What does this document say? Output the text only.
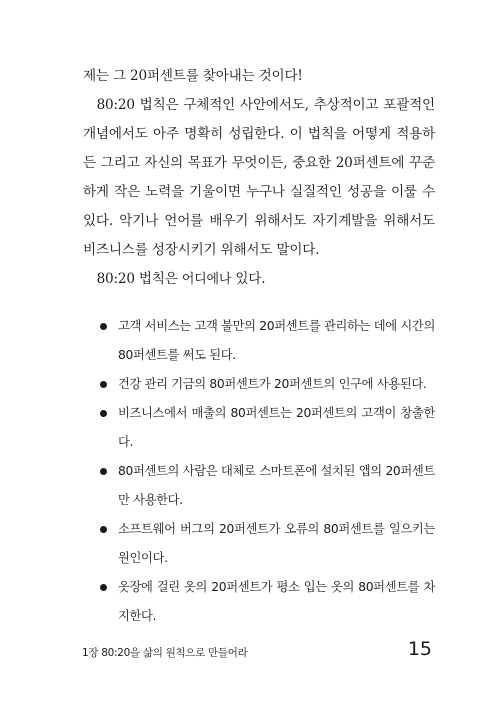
제는 그 20퍼센트를 찾아내는 것이다!

80:20 법칙은 구체적인 사안에서도, 추상적이고 포괄적인 개념에서도 아주 명확히 성립한다. 이 법칙을 어떻게 적용하든 그리고 자신의 목표가 무엇이든, 중요한 20퍼센트에 꾸준하게 작은 노력을 기울이면 누구나 실질적인 성공을 이룰 수 있다. 악기나 언어를 배우기 위해서도 자기계발을 위해서도 비즈니스를 성장시키기 위해서도 말이다.

80:20 법칙은 어디에나 있다.

고객 서비스는 고객 불만의 20퍼센트를 관리하는 데에 시간의 80퍼센트를 써도 된다.
건강 관리 기금의 80퍼센트가 20퍼센트의 인구에 사용된다.
비즈니스에서 매출의 80퍼센트는 20퍼센트의 고객이 창출한다.
80퍼센트의 사람은 대체로 스마트폰에 설치된 앱의 20퍼센트만 사용한다.
소프트웨어 버그의 20퍼센트가 오류의 80퍼센트를 일으키는 원인이다.
옷장에 걸린 옷의 20퍼센트가 평소 입는 옷의 80퍼센트를 차지한다.
1장 80:20을 삶의 원칙으로 만들어라	15
